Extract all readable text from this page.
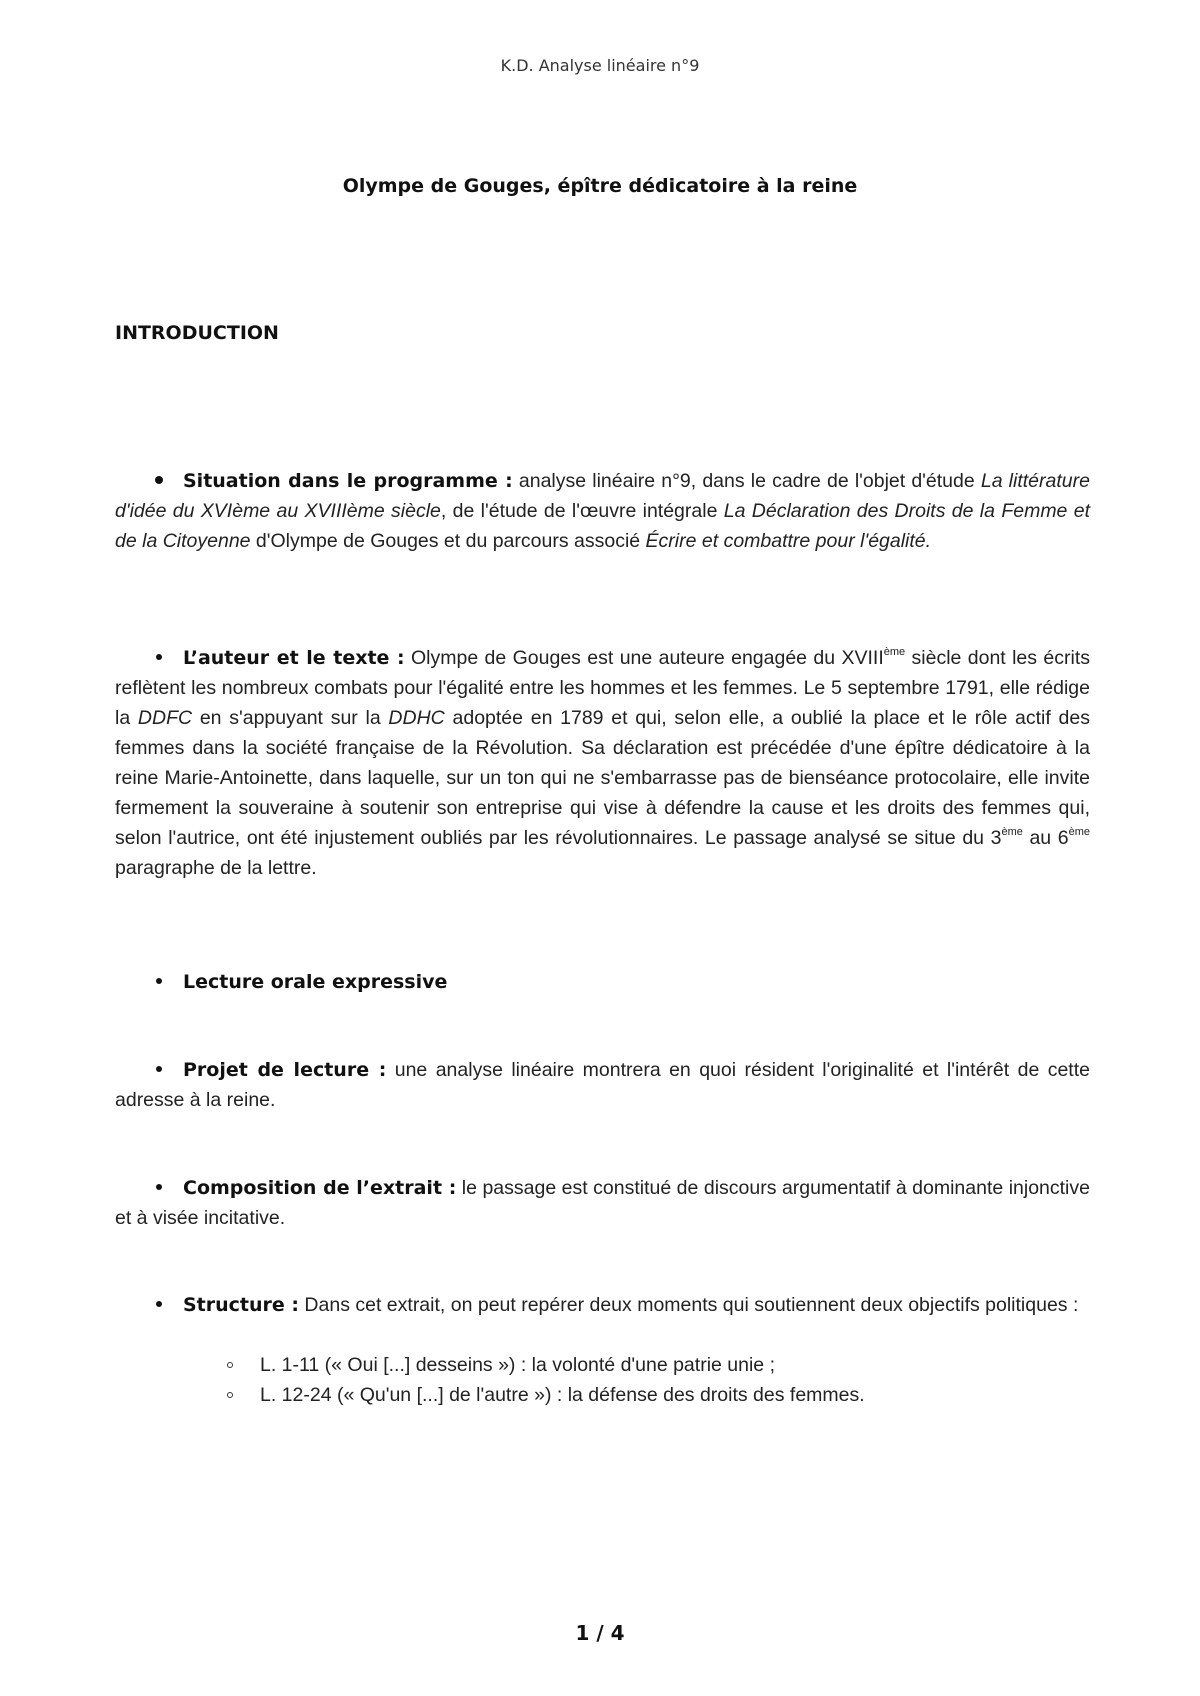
K.D. Analyse linéaire n°9
Olympe de Gouges, épître dédicatoire à la reine
INTRODUCTION
Situation dans le programme : analyse linéaire n°9, dans le cadre de l'objet d'étude La littérature d'idée du XVIème au XVIIIème siècle, de l'étude de l'œuvre intégrale La Déclaration des Droits de la Femme et de la Citoyenne d'Olympe de Gouges et du parcours associé Écrire et combattre pour l'égalité.
L’auteur et le texte : Olympe de Gouges est une auteure engagée du XVIIIème siècle dont les écrits reflètent les nombreux combats pour l'égalité entre les hommes et les femmes. Le 5 septembre 1791, elle rédige la DDFC en s'appuyant sur la DDHC adoptée en 1789 et qui, selon elle, a oublié la place et le rôle actif des femmes dans la société française de la Révolution. Sa déclaration est précédée d'une épître dédicatoire à la reine Marie-Antoinette, dans laquelle, sur un ton qui ne s'embarrasse pas de bienséance protocolaire, elle invite fermement la souveraine à soutenir son entreprise qui vise à défendre la cause et les droits des femmes qui, selon l'autrice, ont été injustement oubliés par les révolutionnaires. Le passage analysé se situe du 3ème au 6ème paragraphe de la lettre.
Lecture orale expressive
Projet de lecture : une analyse linéaire montrera en quoi résident l'originalité et l'intérêt de cette adresse à la reine.
Composition de l’extrait : le passage est constitué de discours argumentatif à dominante injonctive et à visée incitative.
Structure : Dans cet extrait, on peut repérer deux moments qui soutiennent deux objectifs politiques :
L. 1-11 (« Oui [...] desseins ») : la volonté d'une patrie unie ;
L. 12-24 (« Qu'un [...] de l'autre ») : la défense des droits des femmes.
1 / 4
